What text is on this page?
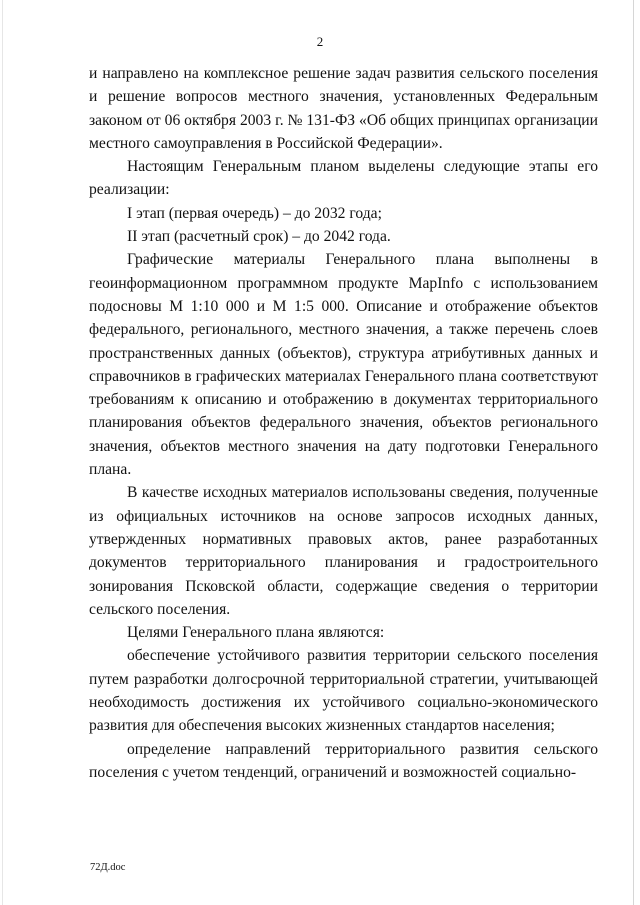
2

и направлено на комплексное решение задач развития сельского поселения и решение вопросов местного значения, установленных Федеральным законом от 06 октября 2003 г. № 131-ФЗ «Об общих принципах организации местного самоуправления в Российской Федерации».

Настоящим Генеральным планом выделены следующие этапы его реализации:

I этап (первая очередь) – до 2032 года;

II этап (расчетный срок) – до 2042 года.

Графические материалы Генерального плана выполнены в геоинформационном программном продукте MapInfo с использованием подосновы М 1:10 000 и М 1:5 000. Описание и отображение объектов федерального, регионального, местного значения, а также перечень слоев пространственных данных (объектов), структура атрибутивных данных и справочников в графических материалах Генерального плана соответствуют требованиям к описанию и отображению в документах территориального планирования объектов федерального значения, объектов регионального значения, объектов местного значения на дату подготовки Генерального плана.

В качестве исходных материалов использованы сведения, полученные из официальных источников на основе запросов исходных данных, утвержденных нормативных правовых актов, ранее разработанных документов территориального планирования и градостроительного зонирования Псковской области, содержащие сведения о территории сельского поселения.

Целями Генерального плана являются:

обеспечение устойчивого развития территории сельского поселения путем разработки долгосрочной территориальной стратегии, учитывающей необходимость достижения их устойчивого социально-экономического развития для обеспечения высоких жизненных стандартов населения;

определение направлений территориального развития сельского поселения с учетом тенденций, ограничений и возможностей социально-

72Д.doc
